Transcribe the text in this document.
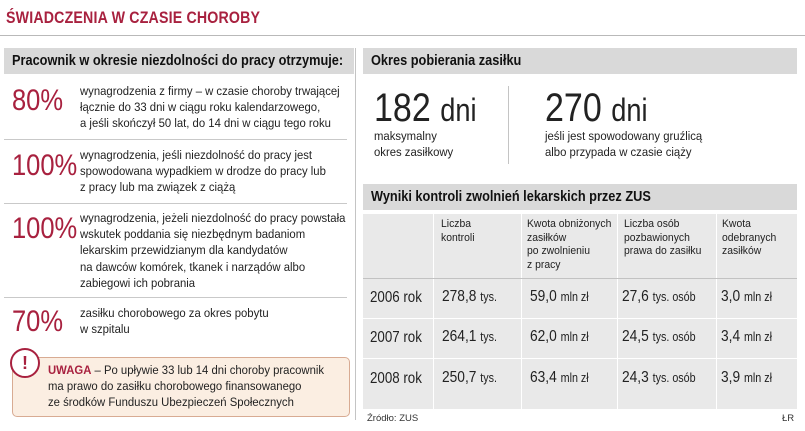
ŚWIADCZENIA W CZASIE CHOROBY
Pracownik w okresie niezdolności do pracy otrzymuje:
80% wynagrodzenia z firmy – w czasie choroby trwającej
łącznie do 33 dni w ciągu roku kalendarzowego,
a jeśli skończył 50 lat, do 14 dni w ciągu tego roku
100% wynagrodzenia, jeśli niezdolność do pracy jest
spowodowana wypadkiem w drodze do pracy lub
z pracy lub ma związek z ciążą
100% wynagrodzenia, jeżeli niezdolność do pracy powstała
wskutek poddania się niezbędnym badaniom
lekarskim przewidzianym dla kandydatów
na dawców komórek, tkanek i narządów albo
zabiegowi ich pobrania
70% zasiłku chorobowego za okres pobytu
w szpitalu
!	UWAGA – Po upływie 33 lub 14 dni choroby pracownik
ma prawo do zasiłku chorobowego finansowanego
ze środków Funduszu Ubezpieczeń Społecznych
Okres pobierania zasiłku
182 dni
maksymalny
okres zasiłkowy
270 dni
jeśli jest spowodowany gruźlicą
albo przypada w czasie ciąży
Wyniki kontroli zwolnień lekarskich przez ZUS
Liczba
kontroli
Kwota obniżonych
zasiłków
po zwolnieniu
z pracy
Liczba osób
pozbawionych
prawa do zasiłku
Kwota
odebranych
zasiłków
2006 rok 278,8 tys. 59,0 mln zł 27,6 tys. osób 3,0 mln zł
2007 rok 264,1 tys. 62,0 mln zł 24,5 tys. osób 3,4 mln zł
2008 rok 250,7 tys. 63,4 mln zł 24,3 tys. osób 3,9 mln zł
Źródło: ZUS	ŁR
